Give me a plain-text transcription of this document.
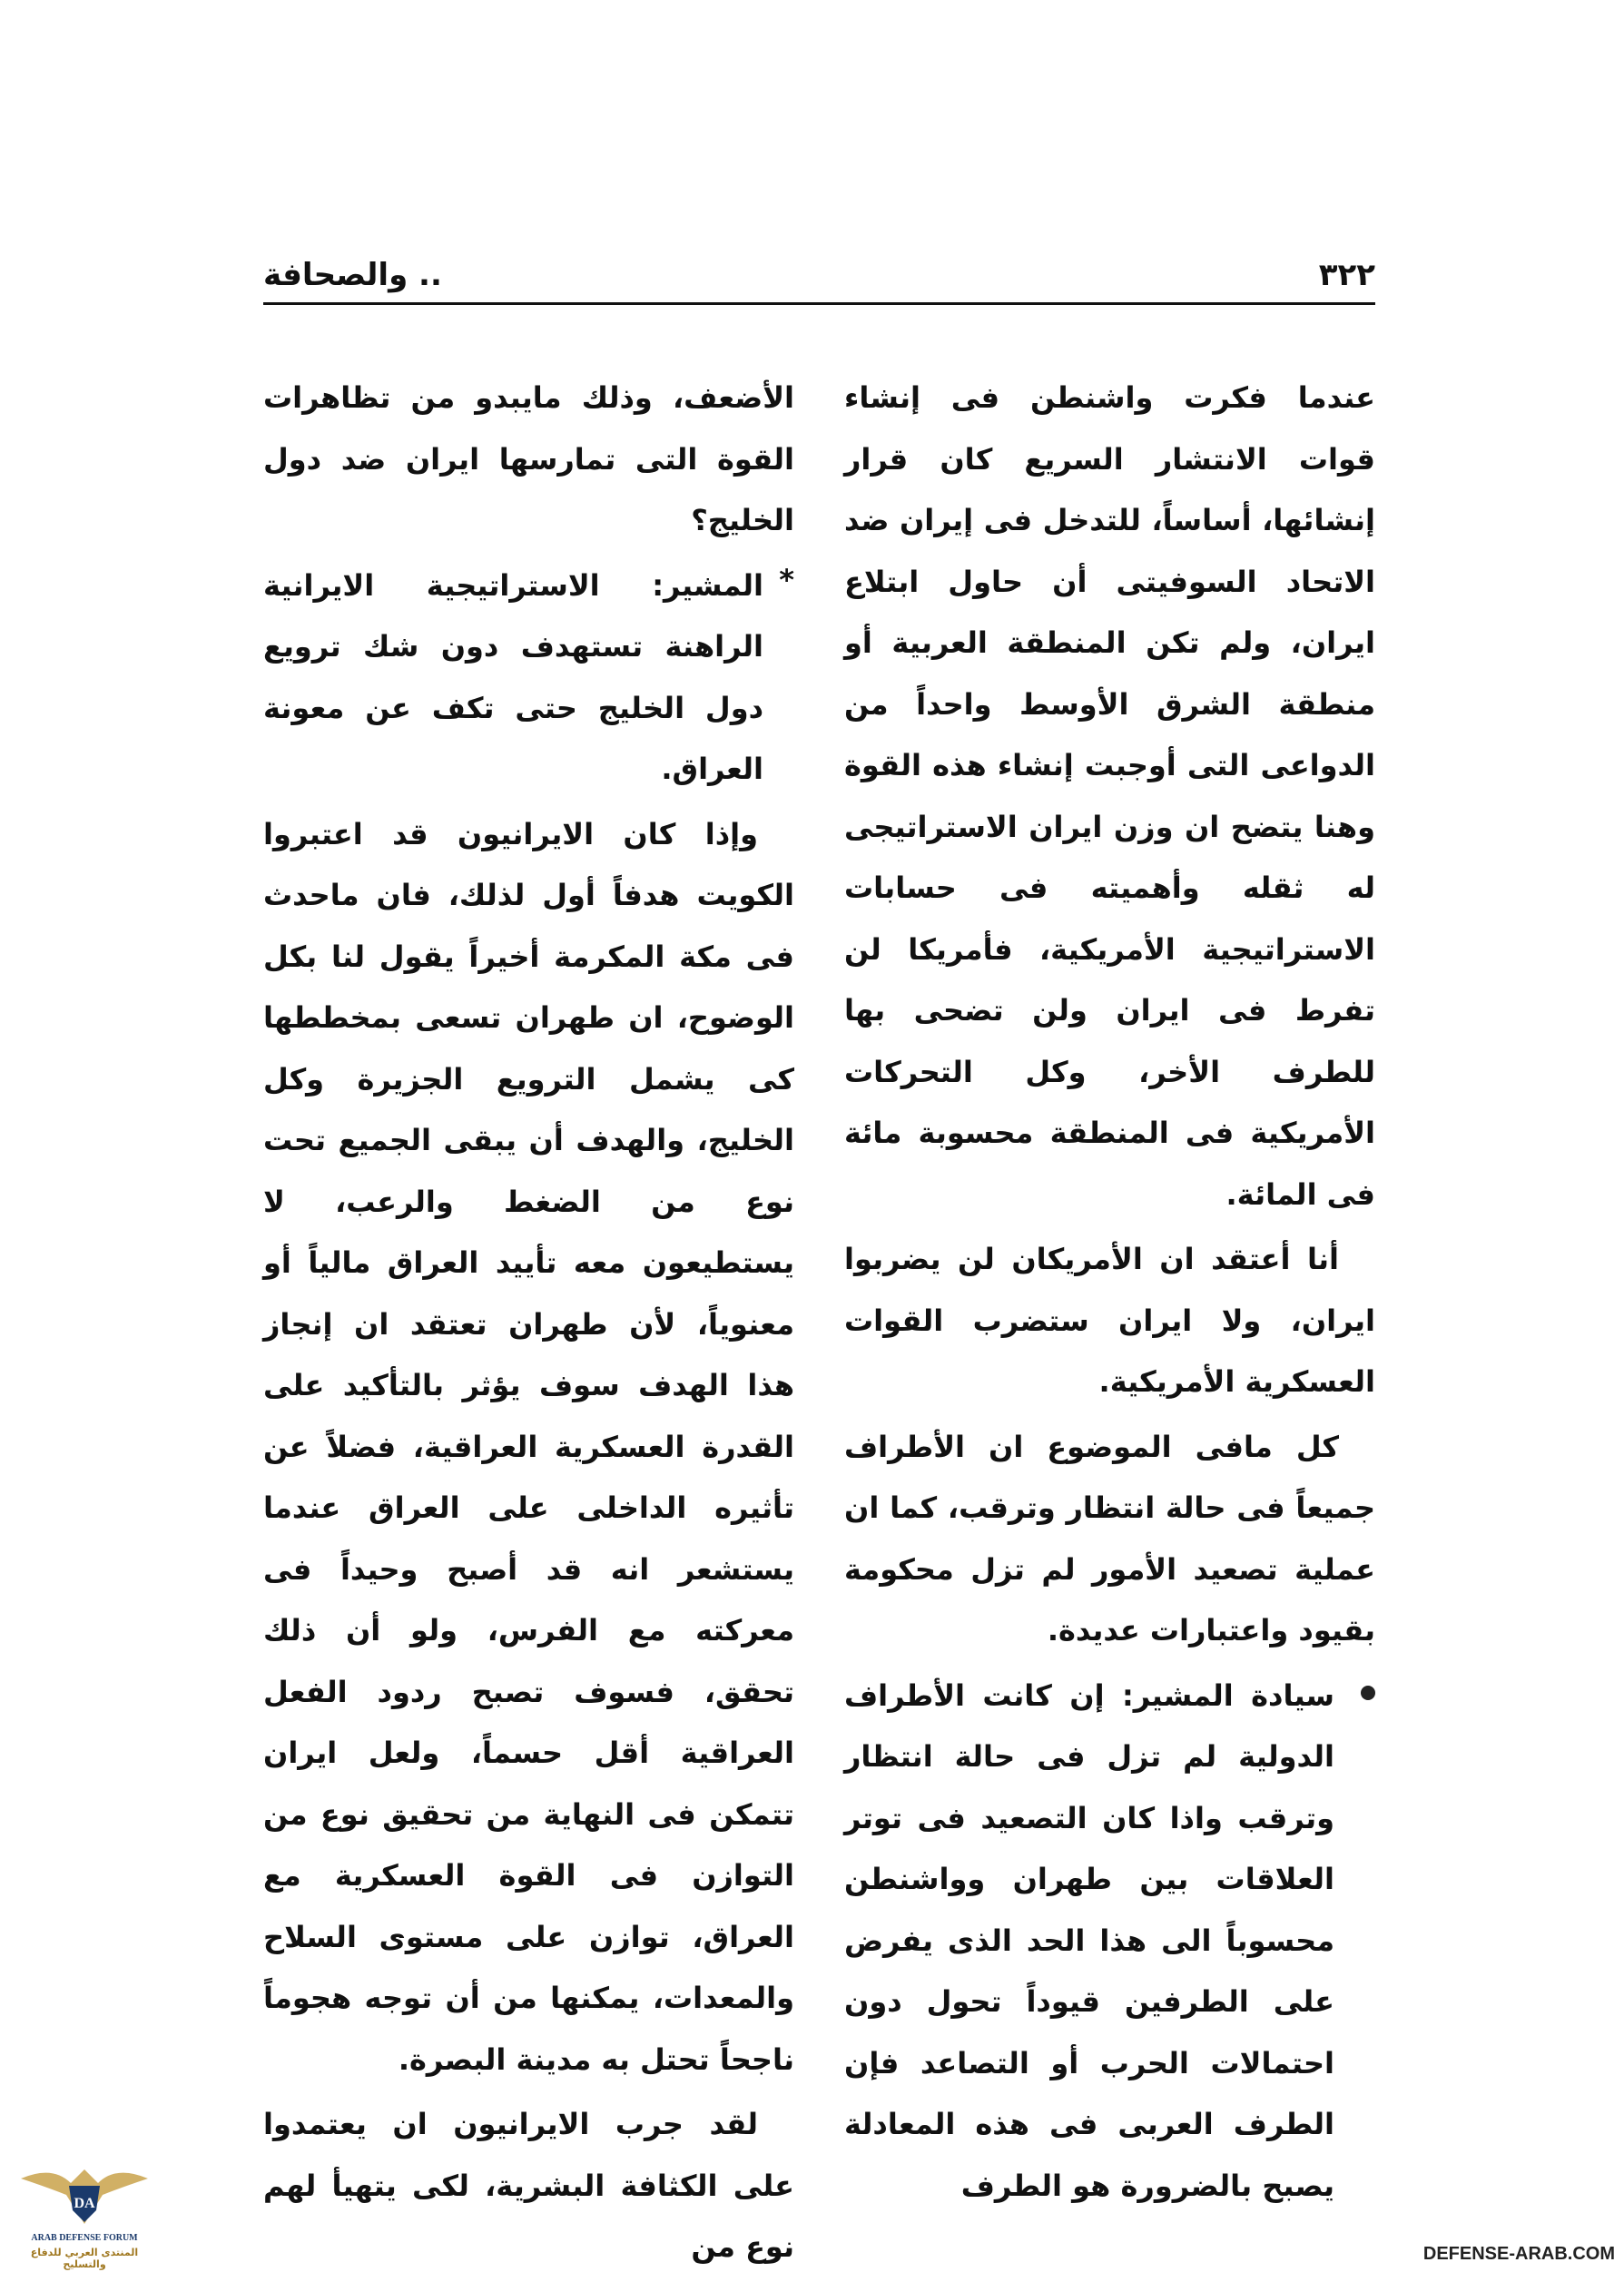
٣٢٢
.. والصحافة

عندما فكرت واشنطن فى إنشاء قوات الانتشار السريع كان قرار إنشائها، أساساً، للتدخل فى إيران ضد الاتحاد السوفيتى أن حاول ابتلاع ايران، ولم تكن المنطقة العربية أو منطقة الشرق الأوسط واحداً من الدواعى التى أوجبت إنشاء هذه القوة وهنا يتضح ان وزن ايران الاستراتيجى له ثقله وأهميته فى حسابات الاستراتيجية الأمريكية، فأمريكا لن تفرط فى ايران ولن تضحى بها للطرف الأخر، وكل التحركات الأمريكية فى المنطقة محسوبة مائة فى المائة.

أنا أعتقد ان الأمريكان لن يضربوا ايران، ولا ايران ستضرب القوات العسكرية الأمريكية.

كل مافى الموضوع ان الأطراف جميعاً فى حالة انتظار وترقب، كما ان عملية تصعيد الأمور لم تزل محكومة بقيود واعتبارات عديدة.

سيادة المشير: إن كانت الأطراف الدولية لم تزل فى حالة انتظار وترقب واذا كان التصعيد فى توتر العلاقات بين طهران وواشنطن محسوباً الى هذا الحد الذى يفرض على الطرفين قيوداً تحول دون احتمالات الحرب أو التصاعد فإن الطرف العربى فى هذه المعادلة يصبح بالضرورة هو الطرف

الأضعف، وذلك مايبدو من تظاهرات القوة التى تمارسها ايران ضد دول الخليج؟

*
المشير: الاستراتيجية الايرانية الراهنة تستهدف دون شك ترويع دول الخليج حتى تكف عن معونة العراق.

وإذا كان الايرانيون قد اعتبروا الكويت هدفاً أول لذلك، فان ماحدث فى مكة المكرمة أخيراً يقول لنا بكل الوضوح، ان طهران تسعى بمخططها كى يشمل الترويع الجزيرة وكل الخليج، والهدف أن يبقى الجميع تحت نوع من الضغط والرعب، لا يستطيعون معه تأييد العراق مالياً أو معنوياً، لأن طهران تعتقد ان إنجاز هذا الهدف سوف يؤثر بالتأكيد على القدرة العسكرية العراقية، فضلاً عن تأثيره الداخلى على العراق عندما يستشعر انه قد أصبح وحيداً فى معركته مع الفرس، ولو أن ذلك تحقق، فسوف تصبح ردود الفعل العراقية أقل حسماً، ولعل ايران تتمكن فى النهاية من تحقيق نوع من التوازن فى القوة العسكرية مع العراق، توازن على مستوى السلاح والمعدات، يمكنها من أن توجه هجوماً ناجحاً تحتل به مدينة البصرة.

لقد جرب الايرانيون ان يعتمدوا على الكثافة البشرية، لكى يتهيأ لهم نوع من

DA
ARAB DEFENSE FORUM
المنتدى العربي للدفاع والتسليح
DEFENSE-ARAB.COM
